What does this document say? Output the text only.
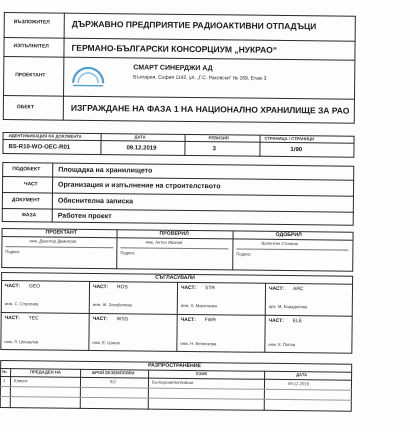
ВЪЗЛОЖИТЕЛ	ДЪРЖАВНО ПРЕДПРИЯТИЕ РАДИОАКТИВНИ ОТПАДЪЦИ
ИЗПЪЛНИТЕЛ	ГЕРМАНО-БЪЛГАРСКИ КОНСОРЦИУМ „НУКРАО“
ПРОЕКТАНТ
СМАРТ СИНЕРДЖИ АД
България, София 1142, ул. „Г.С. Раковски“ № 169, Етаж 3
ОБЕКТ	ИЗГРАЖДАНЕ НА ФАЗА 1 НА НАЦИОНАЛНО ХРАНИЛИЩЕ ЗА РАО
ИДЕНТИФИКАЦИЯ НА ДОКУМЕНТА	ДАТА	РЕВИЗИЯ	СТРАНИЦА / СТРАНИЦИ
BS-R10-WO-OEC-R01	09.12.2019	3	1/90
ПОДОБЕКТ	Площадка на хранилището
ЧАСТ	Организация и изпълнение на строителството
ДОКУМЕНТ	Обяснителна записка
ФАЗА	Работен проект
ПРОЕКТАНТ	ПРОВЕРИЛ	ОДОБРИЛ
инж. Джонтар Димитров	инж. Антон Иванов	Валентин Стоянов
Подпис	Подпис	Подпис
СЪГЛАСУВАЛИ
ЧАСТ: GEO
инж. С. Стратиев
ЧАСТ: ROS
инж. Ж. Захабелева
ЧАСТ: STR
инж. А. Маргинова
ЧАСТ: ARC
арх. М. Барадолова
ЧАСТ: TEC
инж. Л. Шишалов
ЧАСТ: WSS
инж. Е. Цанов
ЧАСТ: FWR
инж. Н. Велинкова
ЧАСТ: ELE
инж. К. Попов
РАЗПРОСТРАНЕНИЕ
№	ПРЕДАДЕН НА	БРОЙ ЕКЗЕМПЛЯРИ	ЕЗИК	ДАТА
1 Клиент	5/2	Български/Английски	09.12.2019
